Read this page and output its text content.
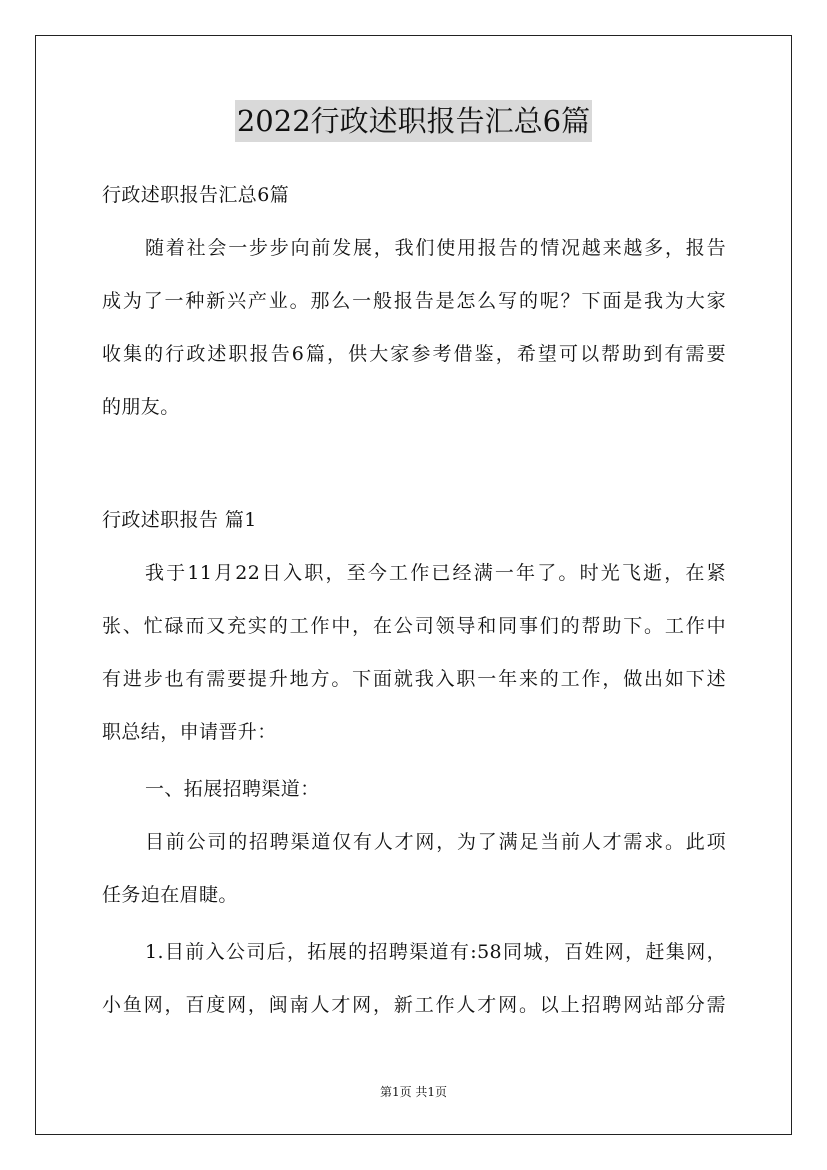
2022行政述职报告汇总6篇
行政述职报告汇总6篇
随着社会一步步向前发展，我们使用报告的情况越来越多，报告
成为了一种新兴产业。那么一般报告是怎么写的呢？下面是我为大家
收集的行政述职报告6篇，供大家参考借鉴，希望可以帮助到有需要
的朋友。
行政述职报告 篇1
我于11月22日入职，至今工作已经满一年了。时光飞逝，在紧
张、忙碌而又充实的工作中，在公司领导和同事们的帮助下。工作中
有进步也有需要提升地方。下面就我入职一年来的工作，做出如下述
职总结，申请晋升：
一、拓展招聘渠道：
目前公司的招聘渠道仅有人才网，为了满足当前人才需求。此项
任务迫在眉睫。
1.目前入公司后，拓展的招聘渠道有:58同城，百姓网，赶集网，
小鱼网，百度网，闽南人才网，新工作人才网。以上招聘网站部分需
第1页 共1页
